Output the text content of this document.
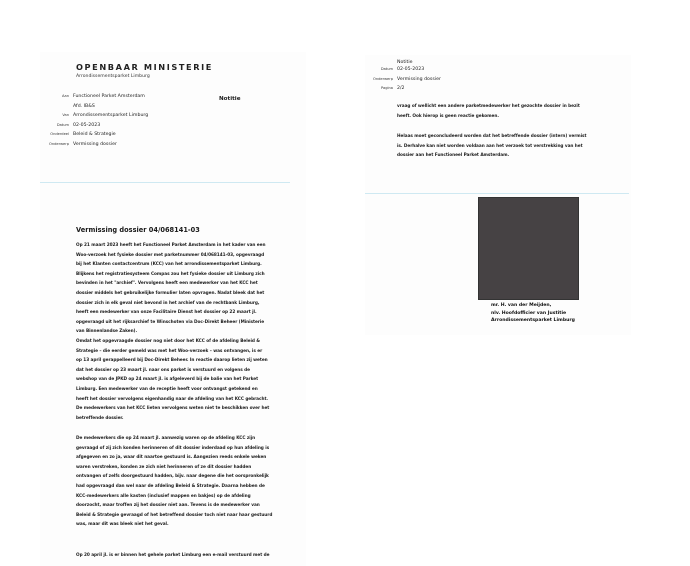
OPENBAAR MINISTERIE
Arrondissementsparket Limburg
Notitie
Aan Functioneel Parket Amsterdam
Afd. IB&S
Van Arrondissementsparket Limburg
Datum 02-05-2023
Onderdeel Beleid & Strategie
Onderwerp Vermissing dossier
Vermissing dossier 04/068141-03
Op 21 maart 2023 heeft het Functioneel Parket Amsterdam in het kader van een
Woo-verzoek het fysieke dossier met parketnummer 04/068141-03, opgevraagd
bij het Klanten contactcentrum (KCC) van het arrondissementsparket Limburg.
Blijkens het registratiesysteem Compas zou het fysieke dossier uit Limburg zich
bevinden in het "archief". Vervolgens heeft een medewerker van het KCC het
dossier middels het gebruikelijke formulier laten opvragen. Nadat bleek dat het
dossier zich in elk geval niet bevond in het archief van de rechtbank Limburg,
heeft een medewerker van onze Facilitaire Dienst het dossier op 22 maart jl.
opgevraagd uit het rijksarchief te Winschoten via Doc-Direkt Beheer (Ministerie
van Binnenlandse Zaken).
Omdat het opgevraagde dossier nog niet door het KCC of de afdeling Beleid &
Strategie – die eerder gemeld was met het Woo-verzoek – was ontvangen, is er
op 13 april gerappelleerd bij Doc-Direkt Beheer. In reactie daarop lieten zij weten
dat het dossier op 23 maart jl. naar ons parket is verstuurd en volgens de
webshop van de JPKD op 24 maart jl. is afgeleverd bij de balie van het Parket
Limburg. Een medewerker van de receptie heeft voor ontvangst getekend en
heeft het dossier vervolgens eigenhandig naar de afdeling van het KCC gebracht.
De medewerkers van het KCC lieten vervolgens weten niet te beschikken over het
betreffende dossier.
De medewerkers die op 24 maart jl. aanwezig waren op de afdeling KCC zijn
gevraagd of zij zich konden herinneren of dit dossier inderdaad op hun afdeling is
afgegeven en zo ja, waar dit naartoe gestuurd is. Aangezien reeds enkele weken
waren verstreken, konden ze zich niet herinneren of ze dit dossier hadden
ontvangen of zelfs doorgestuurd hadden, bijv. naar degene die het oorspronkelijk
had opgevraagd dan wel naar de afdeling Beleid & Strategie. Daarna hebben de
KCC-medewerkers alle kasten (inclusief mappen en bakjes) op de afdeling
doorzocht, maar troffen zij het dossier niet aan. Tevens is de medewerker van
Beleid & Strategie gevraagd of het betreffend dossier toch niet naar haar gestuurd
was, maar dit was bleek niet het geval.
Op 20 april jl. is er binnen het gehele parket Limburg een e-mail verstuurd met de
Notitie
Datum 02-05-2023
Onderwerp Vermissing dossier
Pagina 2/2
vraag of wellicht een andere parketmedewerker het gezochte dossier in bezit
heeft. Ook hierop is geen reactie gekomen.
Helaas moet geconcludeerd worden dat het betreffende dossier (intern) vermist
is. Derhalve kan niet worden voldaan aan het verzoek tot verstrekking van het
dossier aan het Functioneel Parket Amsterdam.
mr. H. van der Meijden,
nlv. Hoofdofficier van Justitie
Arrondissementsparket Limburg
